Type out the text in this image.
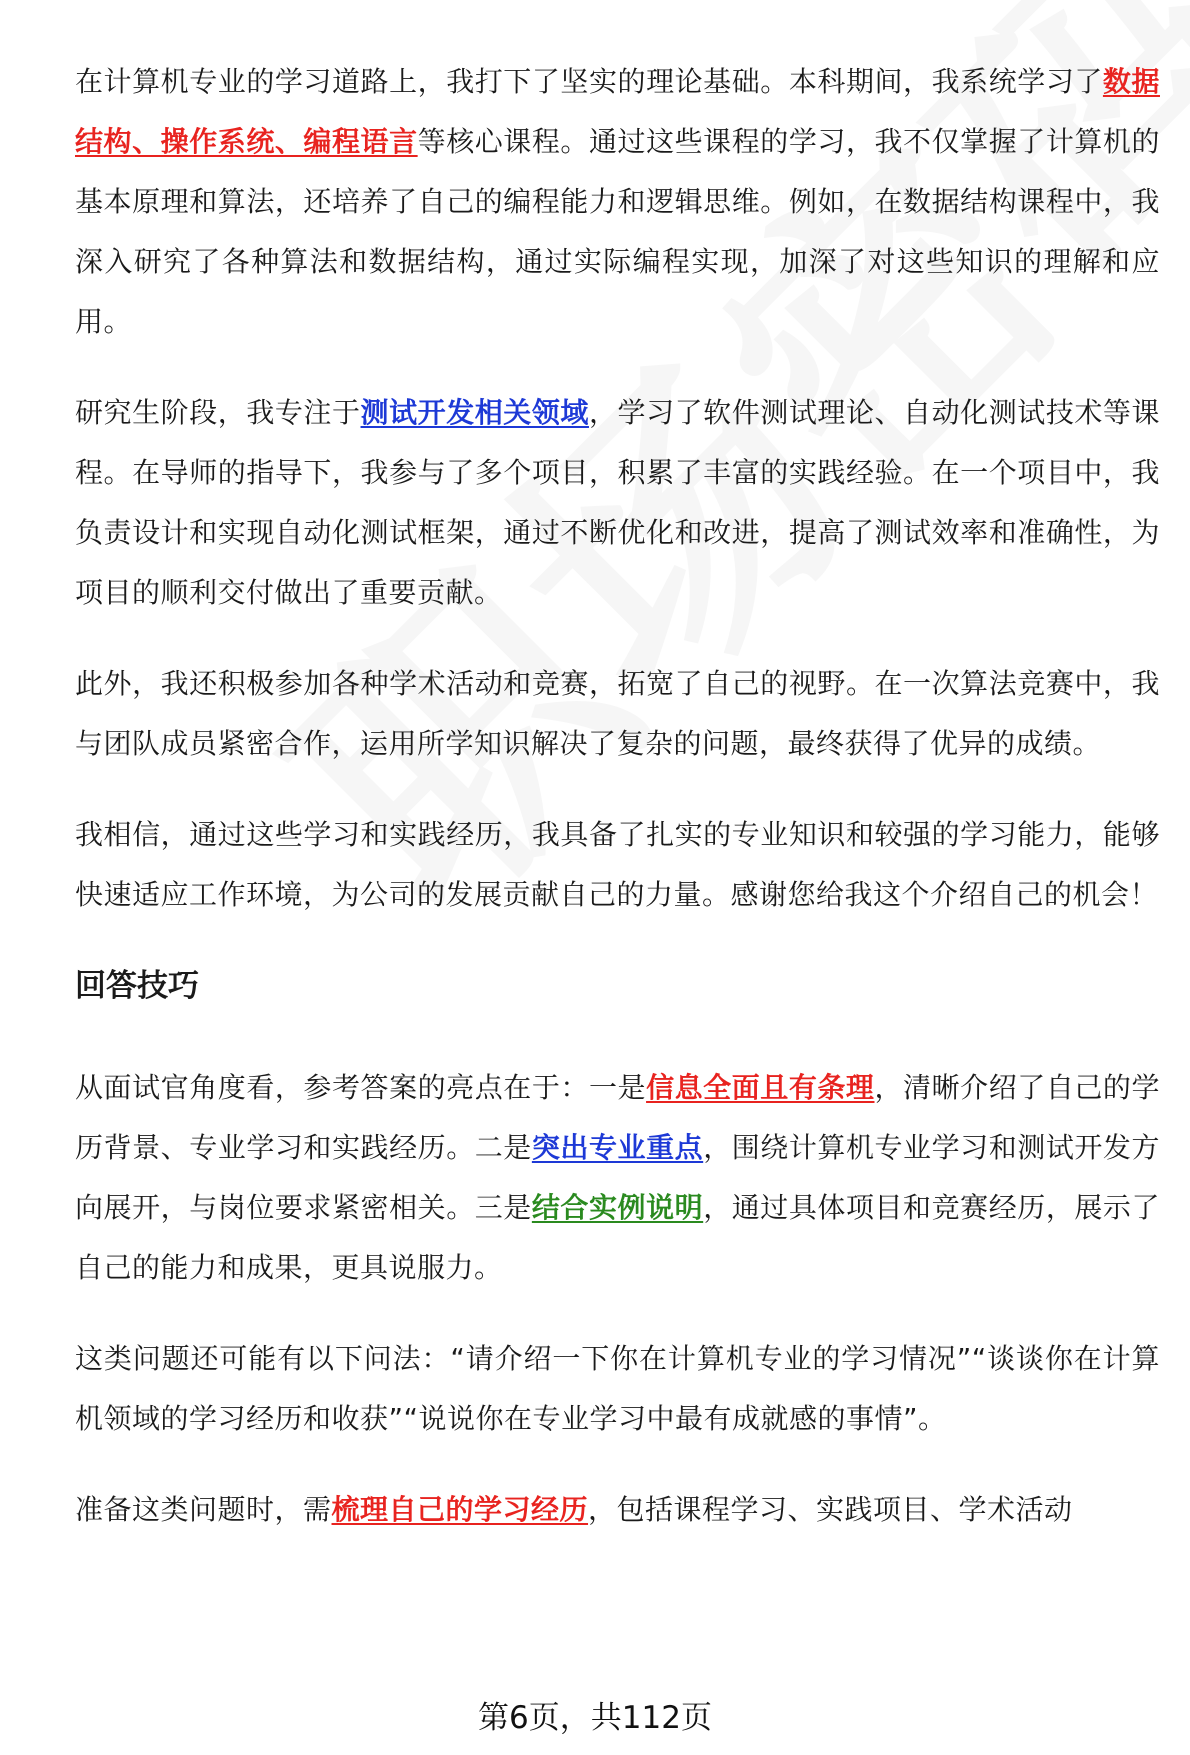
在计算机专业的学习道路上，我打下了坚实的理论基础。本科期间，我系统学习了数据结构、操作系统、编程语言等核心课程。通过这些课程的学习，我不仅掌握了计算机的基本原理和算法，还培养了自己的编程能力和逻辑思维。例如，在数据结构课程中，我深入研究了各种算法和数据结构，通过实际编程实现，加深了对这些知识的理解和应用。

研究生阶段，我专注于测试开发相关领域，学习了软件测试理论、自动化测试技术等课程。在导师的指导下，我参与了多个项目，积累了丰富的实践经验。在一个项目中，我负责设计和实现自动化测试框架，通过不断优化和改进，提高了测试效率和准确性，为项目的顺利交付做出了重要贡献。

此外，我还积极参加各种学术活动和竞赛，拓宽了自己的视野。在一次算法竞赛中，我与团队成员紧密合作，运用所学知识解决了复杂的问题，最终获得了优异的成绩。

我相信，通过这些学习和实践经历，我具备了扎实的专业知识和较强的学习能力，能够快速适应工作环境，为公司的发展贡献自己的力量。感谢您给我这个介绍自己的机会！

回答技巧

从面试官角度看，参考答案的亮点在于：一是信息全面且有条理，清晰介绍了自己的学历背景、专业学习和实践经历。二是突出专业重点，围绕计算机专业学习和测试开发方向展开，与岗位要求紧密相关。三是结合实例说明，通过具体项目和竞赛经历，展示了自己的能力和成果，更具说服力。

这类问题还可能有以下问法：“请介绍一下你在计算机专业的学习情况”“谈谈你在计算机领域的学习经历和收获”“说说你在专业学习中最有成就感的事情”。

准备这类问题时，需梳理自己的学习经历，包括课程学习、实践项目、学术活动

第6页，共112页
